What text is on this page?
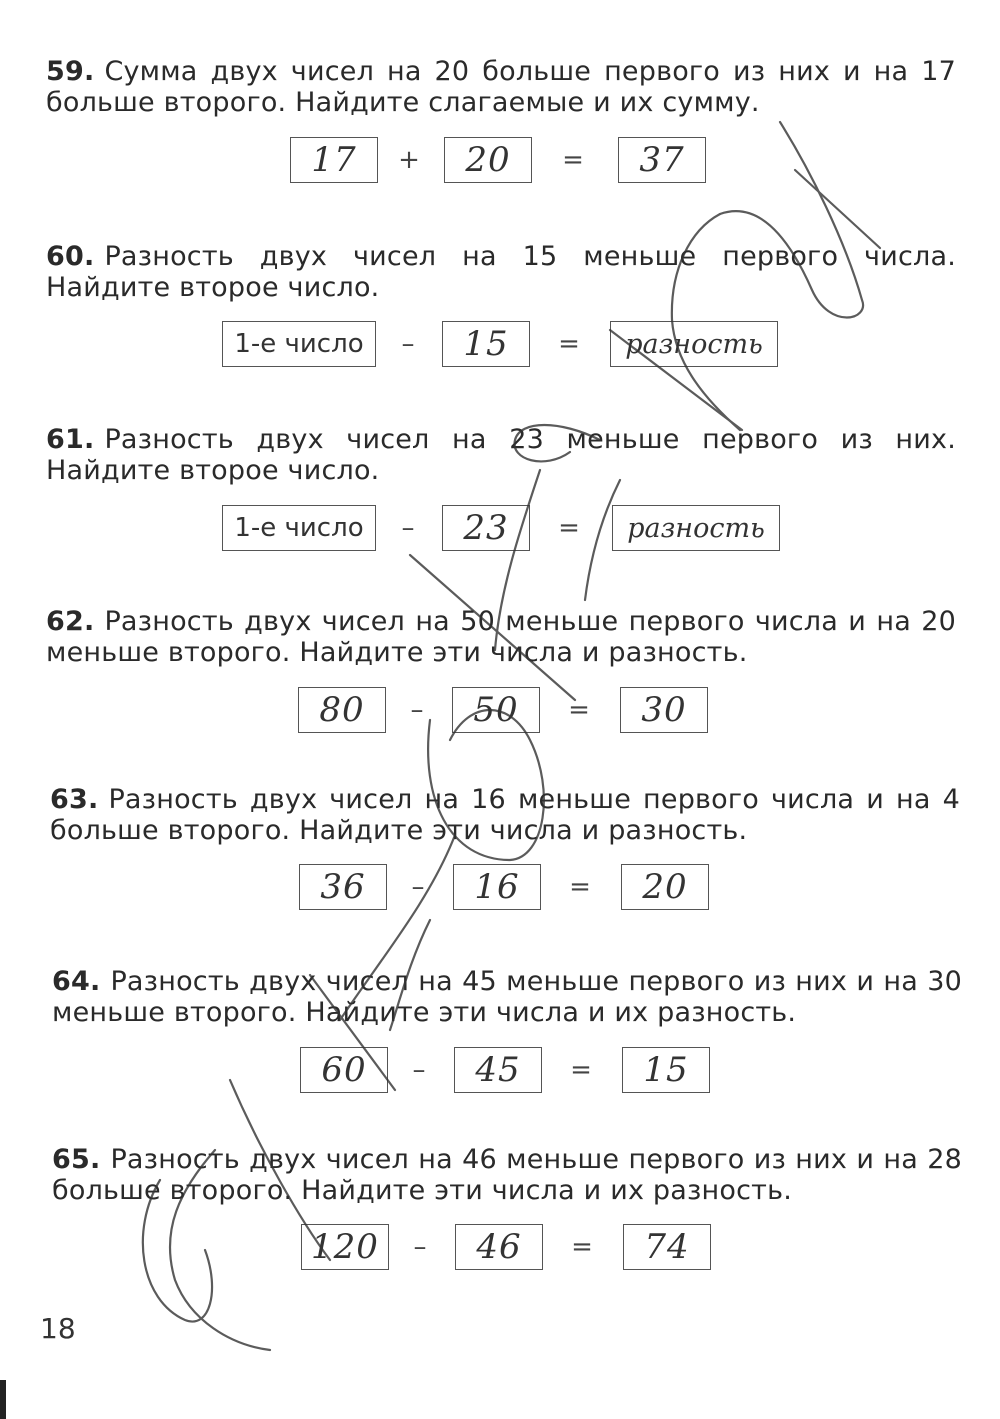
59. Сумма двух чисел на 20 больше первого из них и на 17 больше второго. Найдите слагаемые и их сумму.

17 + 20 = 37

60. Разность двух чисел на 15 меньше первого числа. Найдите второе число.

1-е число	– 15 = разность

61. Разность двух чисел на 23 меньше первого из них. Найдите второе число.

1-е число	– 23 = разность

62. Разность двух чисел на 50 меньше первого числа и на 20 меньше второго. Найдите эти числа и разность.

80	– 50 = 30

63. Разность двух чисел на 16 меньше первого числа и на 4 больше второго. Найдите эти числа и разность.

36	– 16 = 20

64. Разность двух чисел на 45 меньше первого из них и на 30 меньше второго. Найдите эти числа и их разность.

60	– 45 = 15

65. Разность двух чисел на 46 меньше первого из них и на 28 больше второго. Найдите эти числа и их разность.

120	– 46 = 74
18
